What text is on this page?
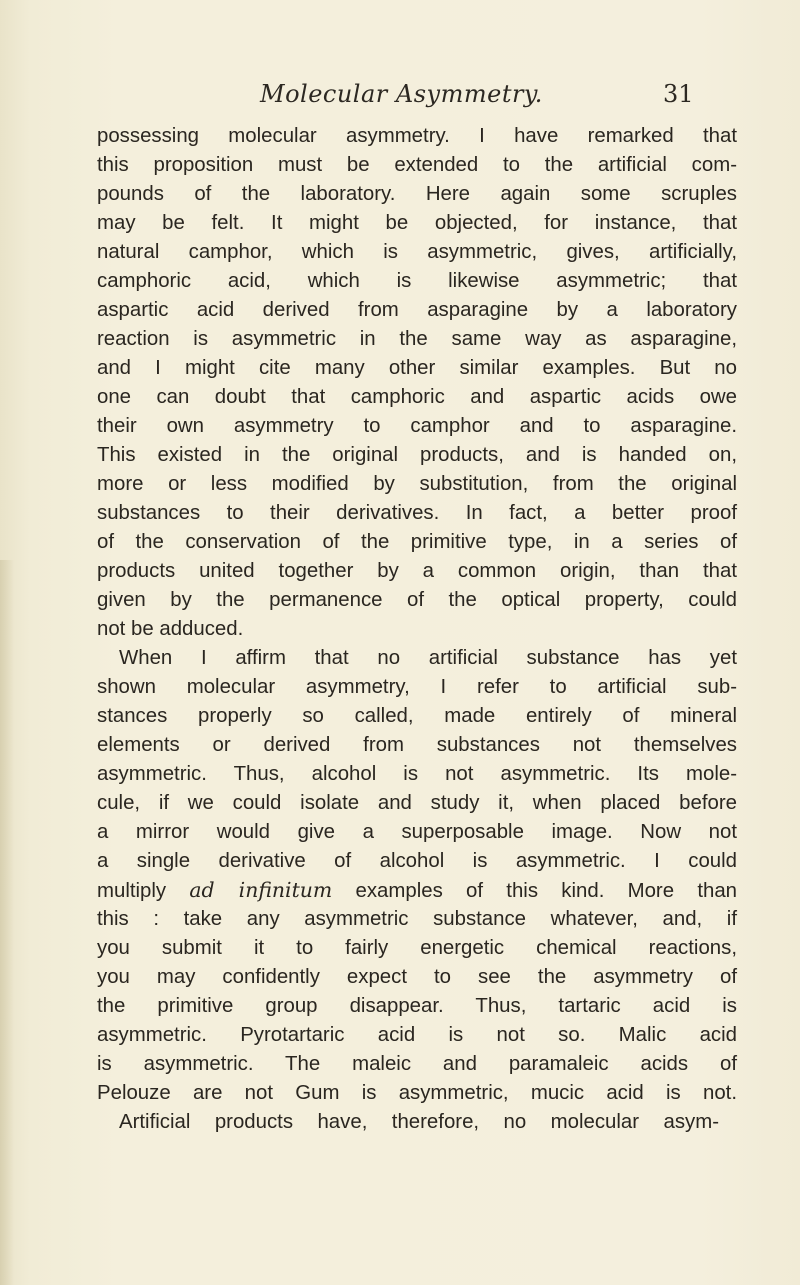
Molecular Asymmetry.	31
possessing molecular asymmetry. I have remarked that
this proposition must be extended to the artificial com-
pounds of the laboratory. Here again some scruples
may be felt. It might be objected, for instance, that
natural camphor, which is asymmetric, gives, artificially,
camphoric acid, which is likewise asymmetric; that
aspartic acid derived from asparagine by a laboratory
reaction is asymmetric in the same way as asparagine,
and I might cite many other similar examples. But no
one can doubt that camphoric and aspartic acids owe
their own asymmetry to camphor and to asparagine.
This existed in the original products, and is handed on,
more or less modified by substitution, from the original
substances to their derivatives. In fact, a better proof
of the conservation of the primitive type, in a series of
products united together by a common origin, than that
given by the permanence of the optical property, could
not be adduced.
When I affirm that no artificial substance has yet
shown molecular asymmetry, I refer to artificial sub-
stances properly so called, made entirely of mineral
elements or derived from substances not themselves
asymmetric. Thus, alcohol is not asymmetric. Its mole-
cule, if we could isolate and study it, when placed before
a mirror would give a superposable image. Now not
a single derivative of alcohol is asymmetric. I could
multiply ad infinitum examples of this kind. More than
this : take any asymmetric substance whatever, and, if
you submit it to fairly energetic chemical reactions,
you may confidently expect to see the asymmetry of
the primitive group disappear. Thus, tartaric acid is
asymmetric. Pyrotartaric acid is not so. Malic acid
is asymmetric. The maleic and paramaleic acids of
Pelouze are not Gum is asymmetric, mucic acid is not.
Artificial products have, therefore, no molecular asym-
